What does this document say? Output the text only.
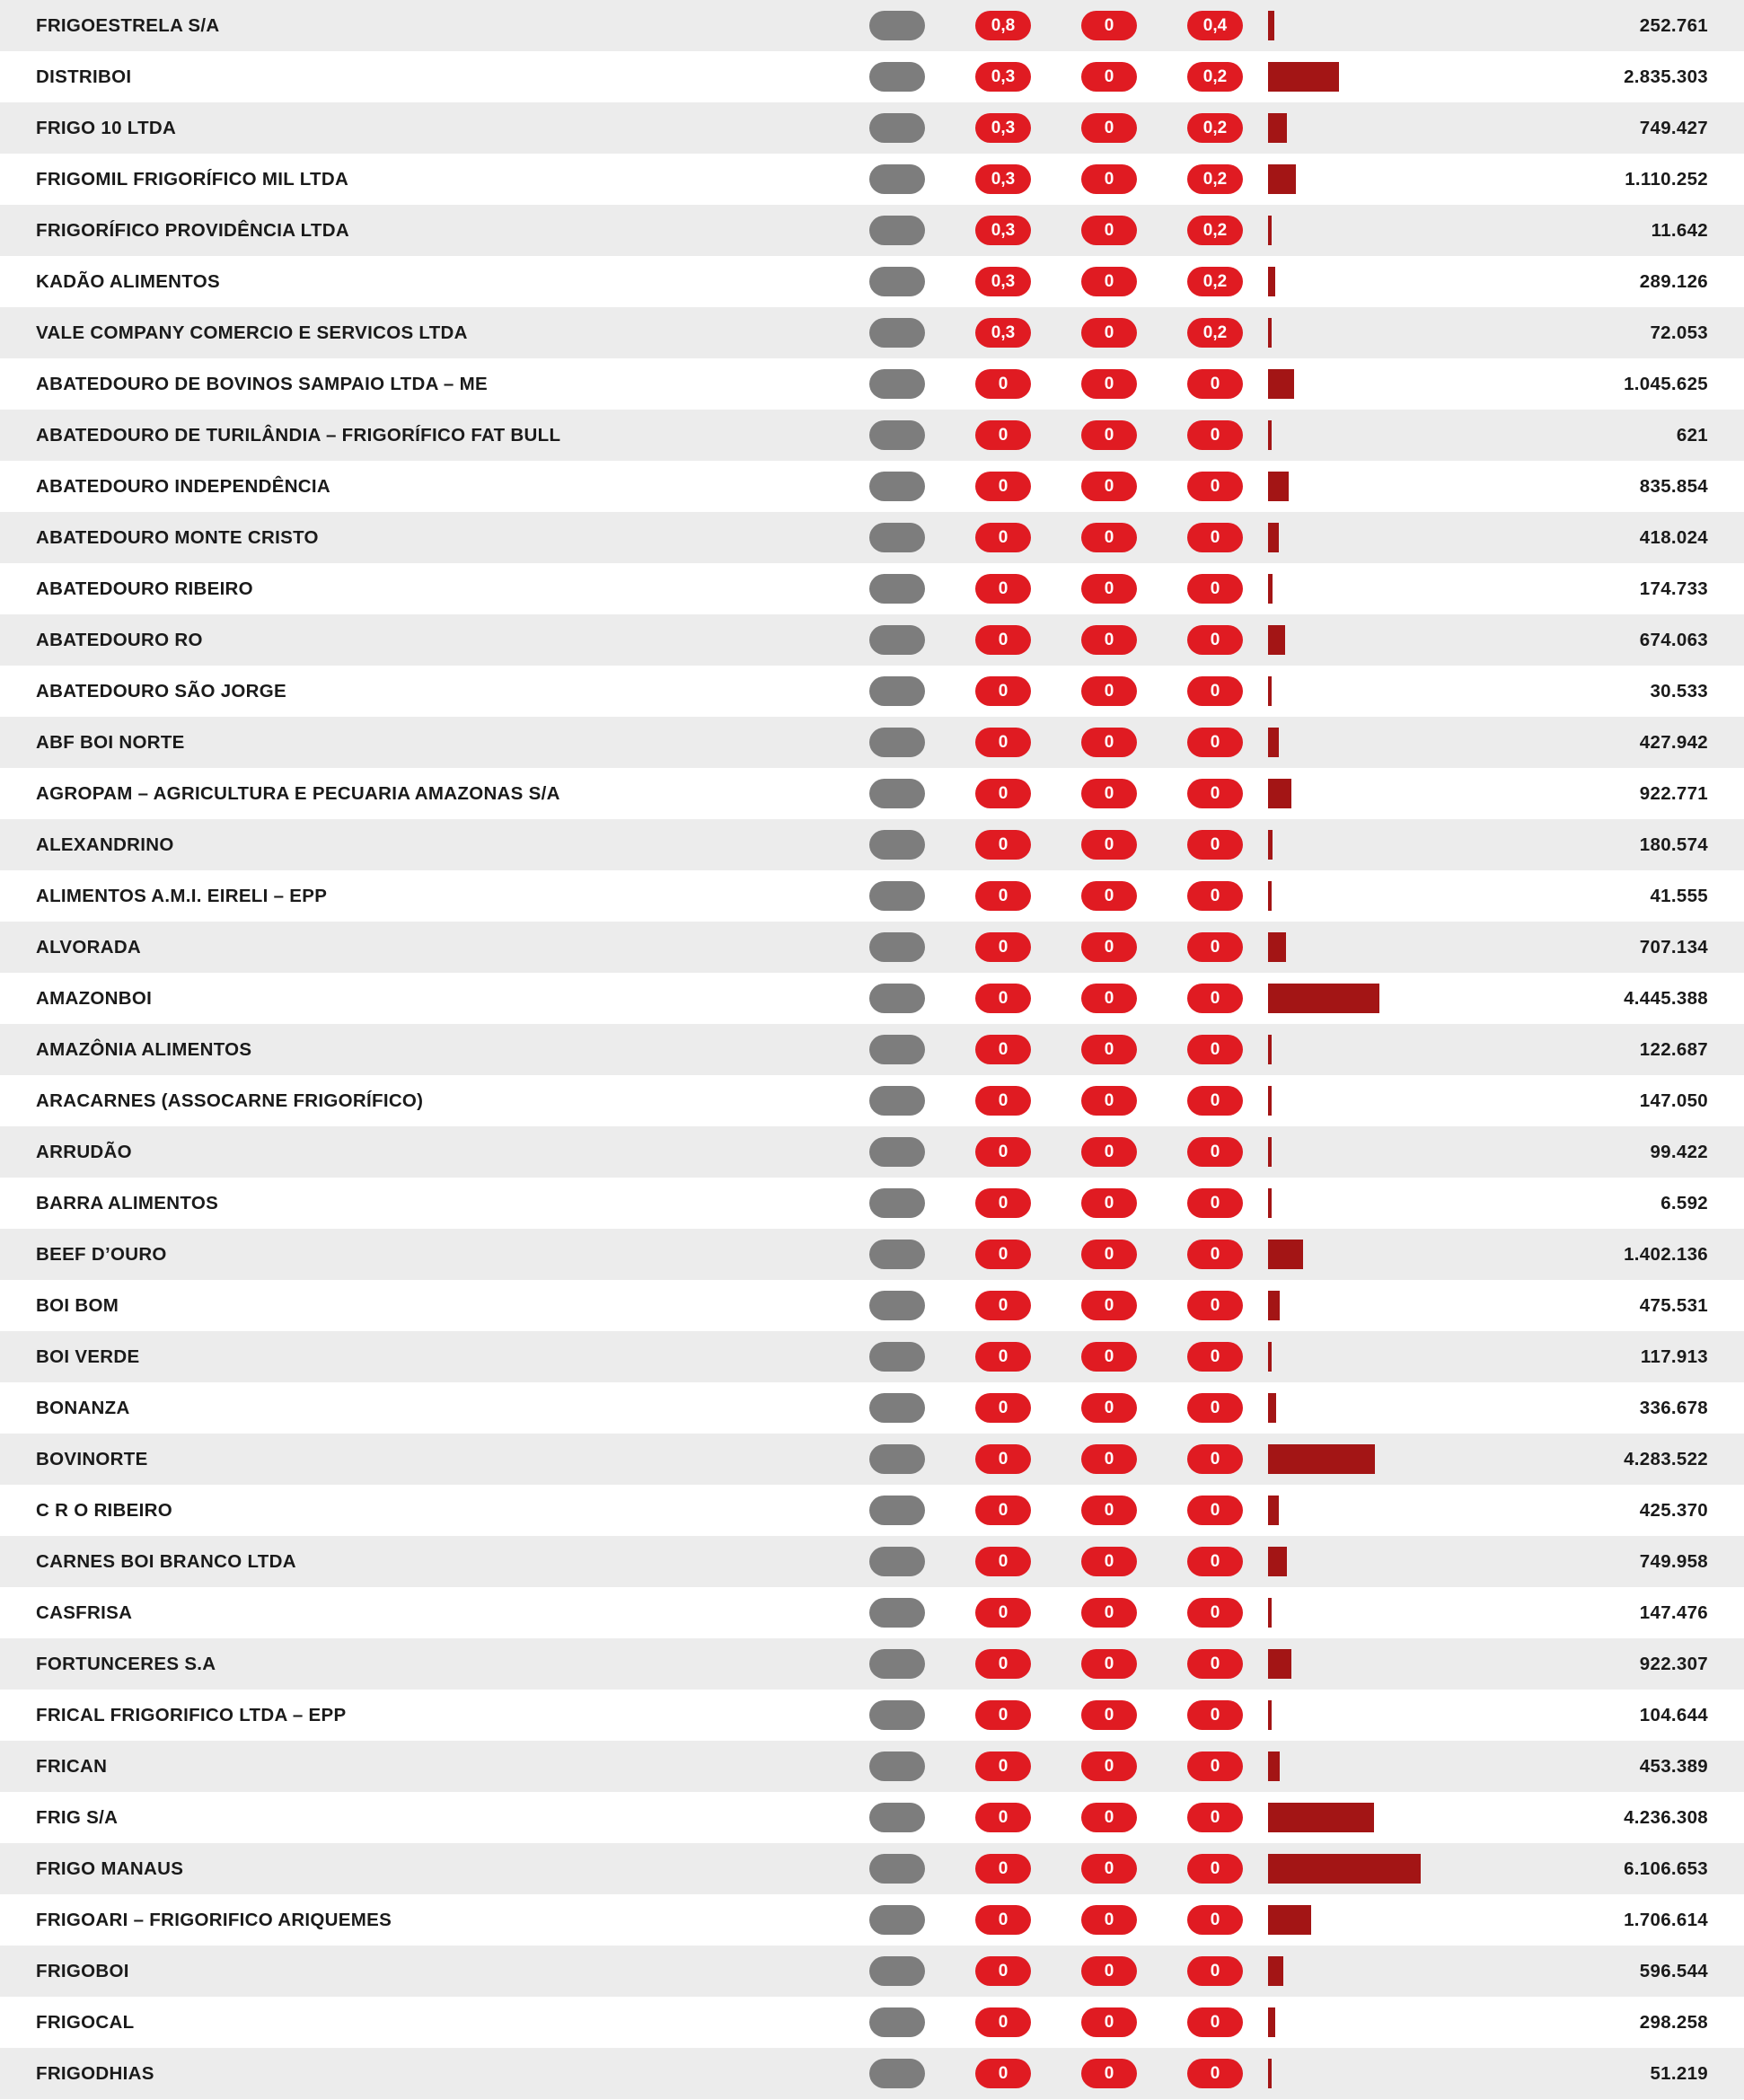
FRIGOESTRELA S/A		0,8	0	0,4		252.761
DISTRIBOI		0,3	0	0,2		2.835.303
FRIGO 10 LTDA		0,3	0	0,2		749.427
FRIGOMIL FRIGORÍFICO MIL LTDA		0,3	0	0,2		1.110.252
FRIGORÍFICO PROVIDÊNCIA LTDA		0,3	0	0,2		11.642
KADÃO ALIMENTOS		0,3	0	0,2		289.126
VALE COMPANY COMERCIO E SERVICOS LTDA		0,3	0	0,2		72.053
ABATEDOURO DE BOVINOS SAMPAIO LTDA – ME		0	0	0		1.045.625
ABATEDOURO DE TURILÂNDIA – FRIGORÍFICO FAT BULL		0	0	0		621
ABATEDOURO INDEPENDÊNCIA		0	0	0		835.854
ABATEDOURO MONTE CRISTO		0	0	0		418.024
ABATEDOURO RIBEIRO		0	0	0		174.733
ABATEDOURO RO		0	0	0		674.063
ABATEDOURO SÃO JORGE		0	0	0		30.533
ABF BOI NORTE		0	0	0		427.942
AGROPAM – AGRICULTURA E PECUARIA AMAZONAS S/A		0	0	0		922.771
ALEXANDRINO		0	0	0		180.574
ALIMENTOS A.M.I. EIRELI – EPP		0	0	0		41.555
ALVORADA		0	0	0		707.134
AMAZONBOI		0	0	0		4.445.388
AMAZÔNIA ALIMENTOS		0	0	0		122.687
ARACARNES (ASSOCARNE FRIGORÍFICO)		0	0	0		147.050
ARRUDÃO		0	0	0		99.422
BARRA ALIMENTOS		0	0	0		6.592
BEEF D’OURO		0	0	0		1.402.136
BOI BOM		0	0	0		475.531
BOI VERDE		0	0	0		117.913
BONANZA		0	0	0		336.678
BOVINORTE		0	0	0		4.283.522
C R O RIBEIRO		0	0	0		425.370
CARNES BOI BRANCO LTDA		0	0	0		749.958
CASFRISA		0	0	0		147.476
FORTUNCERES S.A		0	0	0		922.307
FRICAL FRIGORIFICO LTDA – EPP		0	0	0		104.644
FRICAN		0	0	0		453.389
FRIG S/A		0	0	0		4.236.308
FRIGO MANAUS		0	0	0		6.106.653
FRIGOARI – FRIGORIFICO ARIQUEMES		0	0	0		1.706.614
FRIGOBOI		0	0	0		596.544
FRIGOCAL		0	0	0		298.258
FRIGODHIAS		0	0	0		51.219
